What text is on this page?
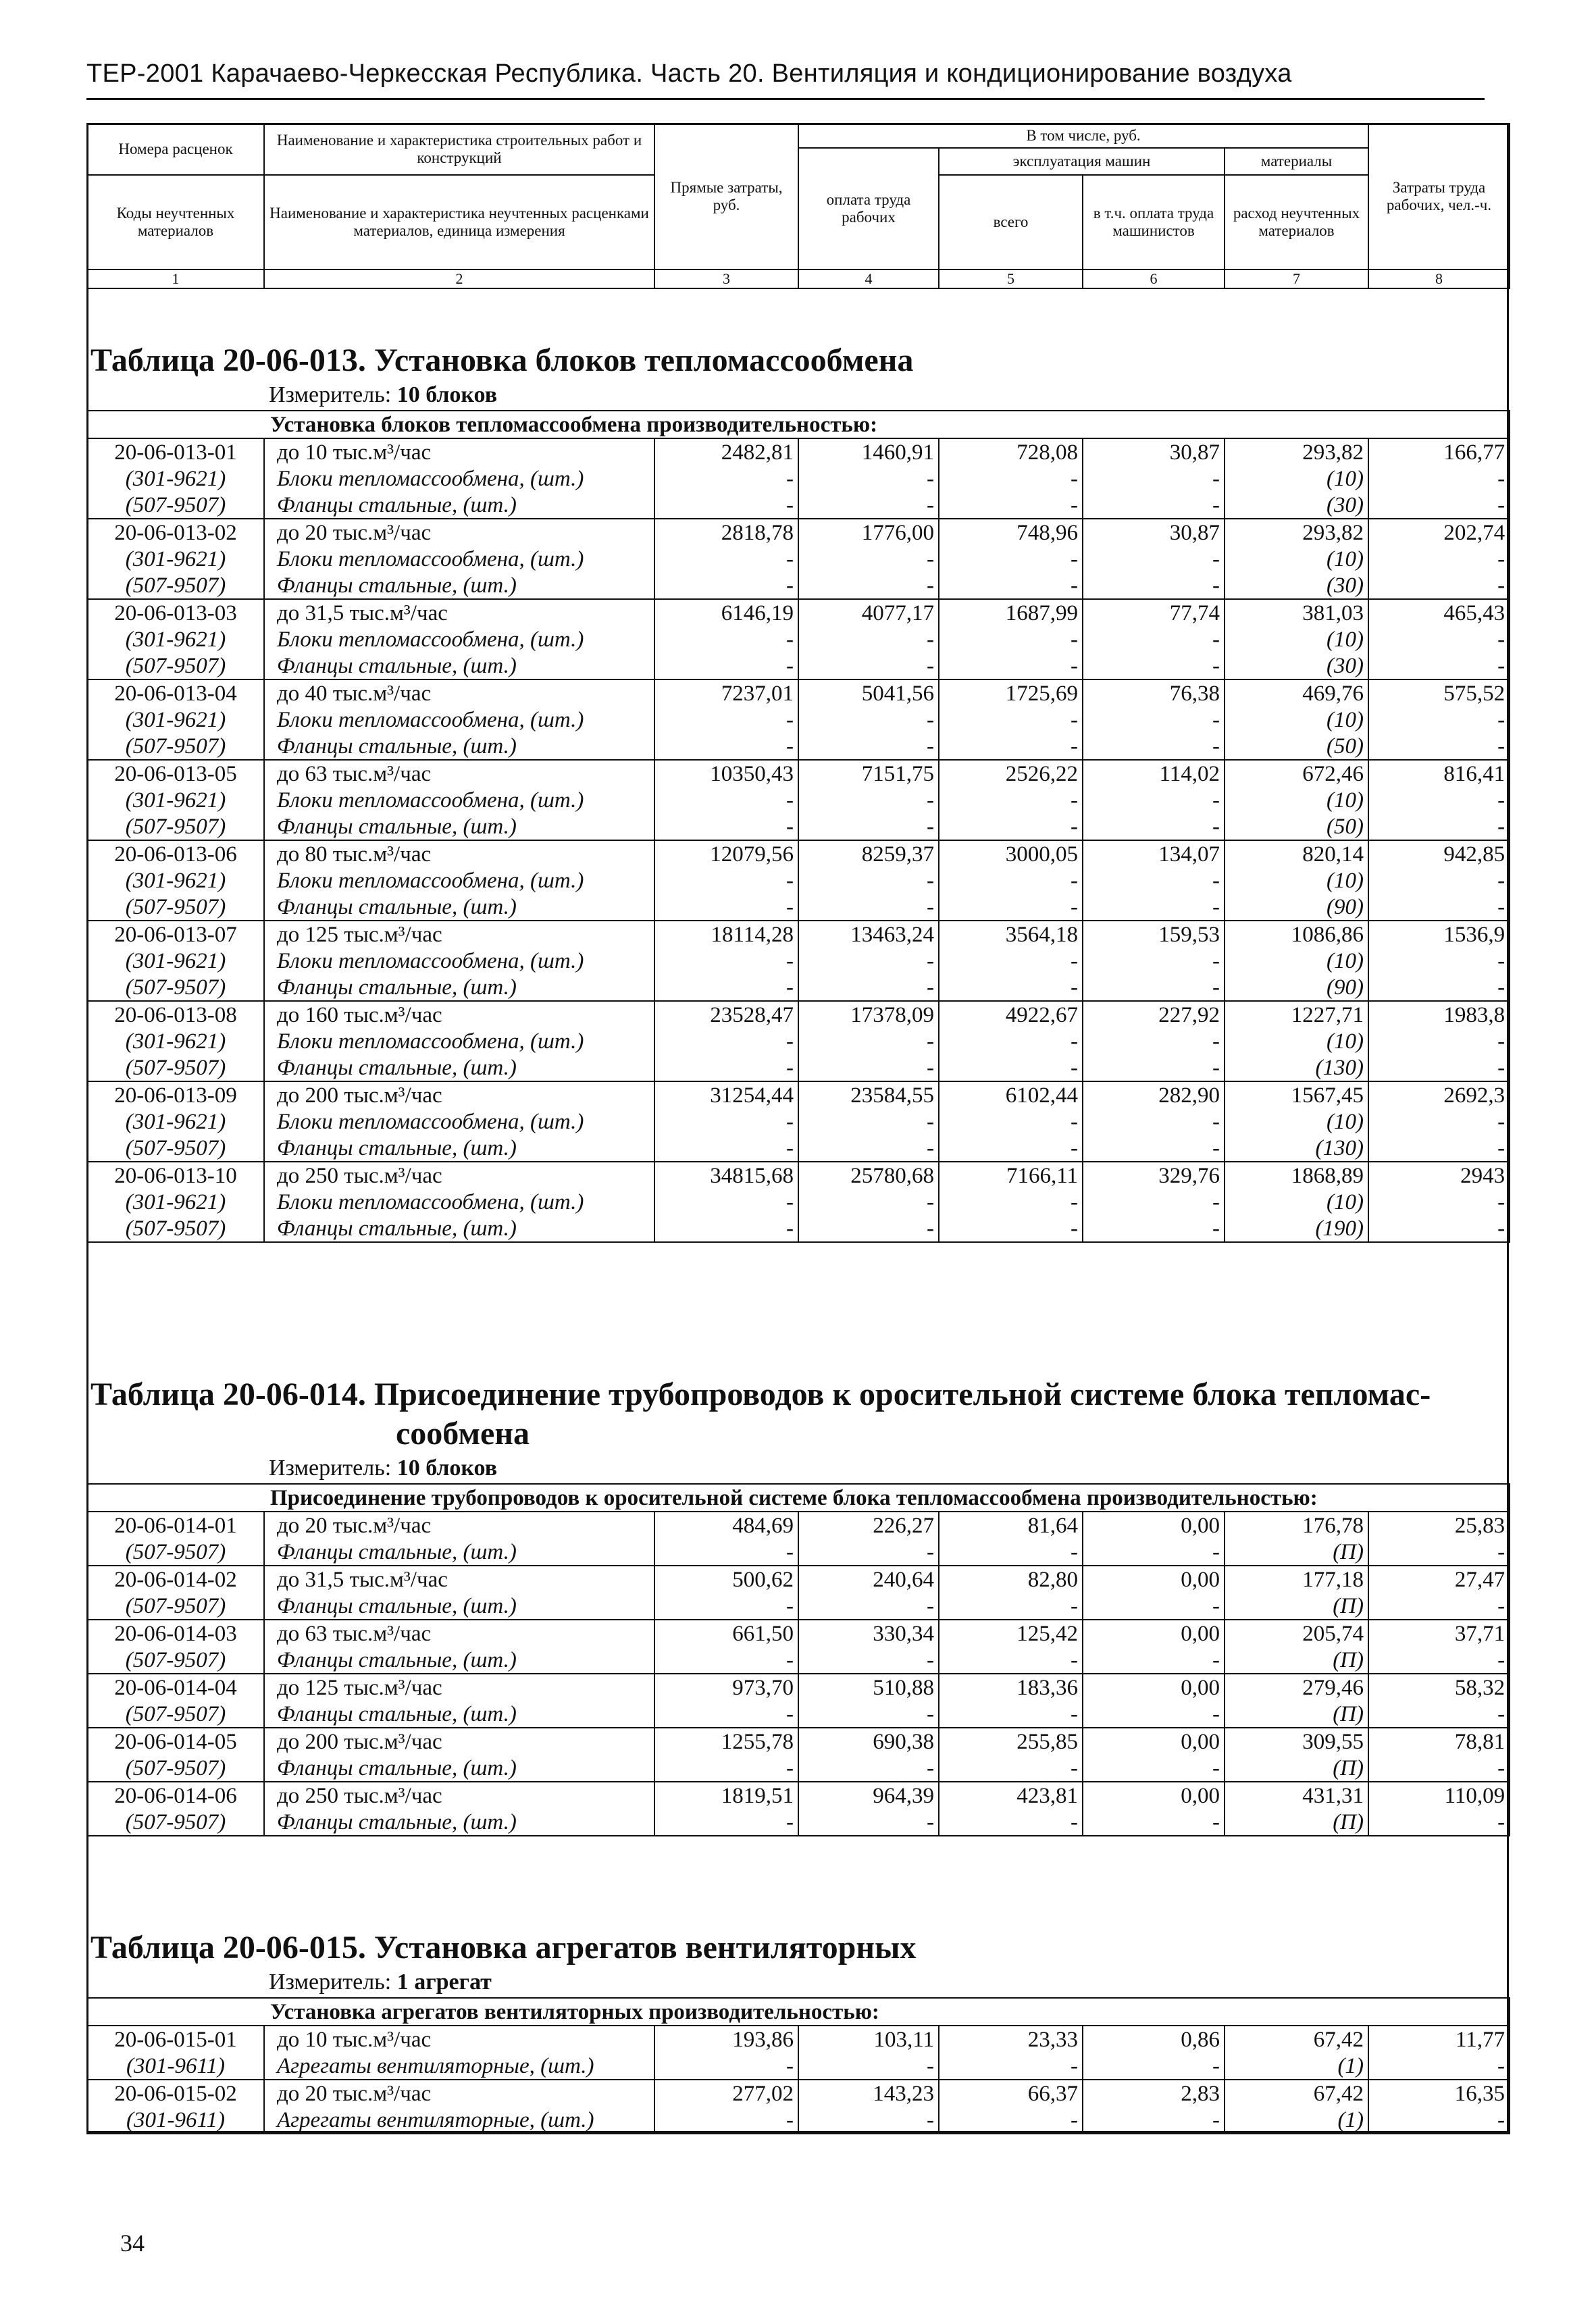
ТЕР-2001 Карачаево-Черкесская Республика. Часть 20. Вентиляция и кондиционирование воздуха
Номера расценок	Наименование и характеристика строительных работ и конструкций	Прямые затраты, руб.	В том числе, руб.				Затраты труда рабочих, чел.-ч.
			оплата труда рабочих	эксплуатация машин		материалы	
Коды неучтенных материалов	Наименование и характеристика неучтенных расценками материалов, единица измерения			всего	в т.ч. оплата труда машинистов	расход неучтенных материалов	

1	2	3	4	5	6	7	8
Таблица 20-06-013. Установка блоков тепломассообмена
Измеритель: 10 блоков
Установка блоков тепломассообмена производительностью:							
20-06-013-01	до 10 тыс.м³/час	2482,81	1460,91	728,08	30,87	293,82	166,77
(301-9621)	Блоки тепломассообмена, (шт.)	-	-	-	-	(10)	-
(507-9507)	Фланцы стальные, (шт.)	-	-	-	-	(30)	-
20-06-013-02	до 20 тыс.м³/час	2818,78	1776,00	748,96	30,87	293,82	202,74
(301-9621)	Блоки тепломассообмена, (шт.)	-	-	-	-	(10)	-
(507-9507)	Фланцы стальные, (шт.)	-	-	-	-	(30)	-
20-06-013-03	до 31,5 тыс.м³/час	6146,19	4077,17	1687,99	77,74	381,03	465,43
(301-9621)	Блоки тепломассообмена, (шт.)	-	-	-	-	(10)	-
(507-9507)	Фланцы стальные, (шт.)	-	-	-	-	(30)	-
20-06-013-04	до 40 тыс.м³/час	7237,01	5041,56	1725,69	76,38	469,76	575,52
(301-9621)	Блоки тепломассообмена, (шт.)	-	-	-	-	(10)	-
(507-9507)	Фланцы стальные, (шт.)	-	-	-	-	(50)	-
20-06-013-05	до 63 тыс.м³/час	10350,43	7151,75	2526,22	114,02	672,46	816,41
(301-9621)	Блоки тепломассообмена, (шт.)	-	-	-	-	(10)	-
(507-9507)	Фланцы стальные, (шт.)	-	-	-	-	(50)	-
20-06-013-06	до 80 тыс.м³/час	12079,56	8259,37	3000,05	134,07	820,14	942,85
(301-9621)	Блоки тепломассообмена, (шт.)	-	-	-	-	(10)	-
(507-9507)	Фланцы стальные, (шт.)	-	-	-	-	(90)	-
20-06-013-07	до 125 тыс.м³/час	18114,28	13463,24	3564,18	159,53	1086,86	1536,9
(301-9621)	Блоки тепломассообмена, (шт.)	-	-	-	-	(10)	-
(507-9507)	Фланцы стальные, (шт.)	-	-	-	-	(90)	-
20-06-013-08	до 160 тыс.м³/час	23528,47	17378,09	4922,67	227,92	1227,71	1983,8
(301-9621)	Блоки тепломассообмена, (шт.)	-	-	-	-	(10)	-
(507-9507)	Фланцы стальные, (шт.)	-	-	-	-	(130)	-
20-06-013-09	до 200 тыс.м³/час	31254,44	23584,55	6102,44	282,90	1567,45	2692,3
(301-9621)	Блоки тепломассообмена, (шт.)	-	-	-	-	(10)	-
(507-9507)	Фланцы стальные, (шт.)	-	-	-	-	(130)	-
20-06-013-10	до 250 тыс.м³/час	34815,68	25780,68	7166,11	329,76	1868,89	2943
(301-9621)	Блоки тепломассообмена, (шт.)	-	-	-	-	(10)	-
(507-9507)	Фланцы стальные, (шт.)	-	-	-	-	(190)	-
Таблица 20-06-014. Присоединение трубопроводов к оросительной системе блока тепломас-
сообмена
Измеритель: 10 блоков
Присоединение трубопроводов к оросительной системе блока тепломассообмена производительностью:							
20-06-014-01	до 20 тыс.м³/час	484,69	226,27	81,64	0,00	176,78	25,83
(507-9507)	Фланцы стальные, (шт.)	-	-	-	-	(П)	-
20-06-014-02	до 31,5 тыс.м³/час	500,62	240,64	82,80	0,00	177,18	27,47
(507-9507)	Фланцы стальные, (шт.)	-	-	-	-	(П)	-
20-06-014-03	до 63 тыс.м³/час	661,50	330,34	125,42	0,00	205,74	37,71
(507-9507)	Фланцы стальные, (шт.)	-	-	-	-	(П)	-
20-06-014-04	до 125 тыс.м³/час	973,70	510,88	183,36	0,00	279,46	58,32
(507-9507)	Фланцы стальные, (шт.)	-	-	-	-	(П)	-
20-06-014-05	до 200 тыс.м³/час	1255,78	690,38	255,85	0,00	309,55	78,81
(507-9507)	Фланцы стальные, (шт.)	-	-	-	-	(П)	-
20-06-014-06	до 250 тыс.м³/час	1819,51	964,39	423,81	0,00	431,31	110,09
(507-9507)	Фланцы стальные, (шт.)	-	-	-	-	(П)	-
Таблица 20-06-015. Установка агрегатов вентиляторных
Измеритель: 1 агрегат
Установка агрегатов вентиляторных производительностью:							
20-06-015-01	до 10 тыс.м³/час	193,86	103,11	23,33	0,86	67,42	11,77
(301-9611)	Агрегаты вентиляторные, (шт.)	-	-	-	-	(1)	-
20-06-015-02	до 20 тыс.м³/час	277,02	143,23	66,37	2,83	67,42	16,35
(301-9611)	Агрегаты вентиляторные, (шт.)	-	-	-	-	(1)	-
34
